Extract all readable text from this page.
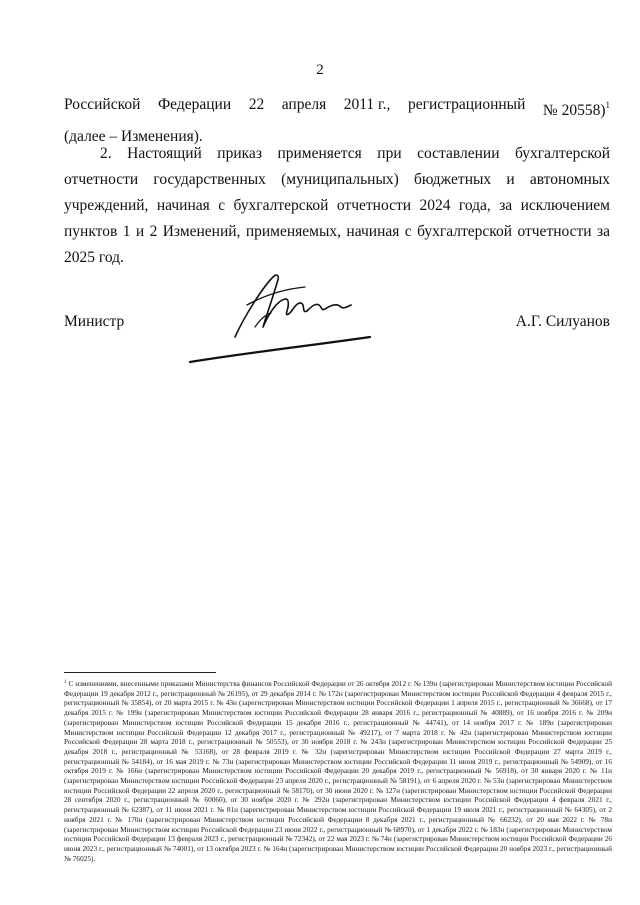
2
Российской Федерации 22 апреля 2011 г., регистрационный № 20558)$^1$
(далее – Изменения).
2. Настоящий приказ применяется при составлении бухгалтерской отчетности государственных (муниципальных) бюджетных и автономных учреждений, начиная с бухгалтерской отчетности 2024 года, за исключением пунктов 1 и 2 Изменений, применяемых, начиная с бухгалтерской отчетности за 2025 год.
Министр	А.Г. Силуанов
$^1$ С изменениями, внесенными приказами Министерства финансов Российской Федерации от 26 октября 2012 г. № 139н (зарегистрирован Министерством юстиции Российской Федерации 19 декабря 2012 г., регистрационный № 26195), от 29 декабря 2014 г. № 172н (зарегистрирован Министерством юстиции Российской Федерации 4 февраля 2015 г., регистрационный № 35854), от 20 марта 2015 г. № 43н (зарегистрирован Министерством юстиции Российской Федерации 1 апреля 2015 г., регистрационный № 36668), от 17 декабря 2015 г. № 199н (зарегистрирован Министерством юстиции Российской Федерации 28 января 2016 г., регистрационный № 40889), от 16 ноября 2016 г. № 209н (зарегистрирован Министерством юстиции Российской Федерации 15 декабря 2016 г., регистрационный № 44741), от 14 ноября 2017 г. № 189н (зарегистрирован Министерством юстиции Российской Федерации 12 декабря 2017 г., регистрационный № 49217), от 7 марта 2018 г. № 42н (зарегистрирован Министерством юстиции Российской Федерации 28 марта 2018 г., регистрационный № 50553), от 30 ноября 2018 г. № 243н (зарегистрирован Министерством юстиции Российской Федерации 25 декабря 2018 г., регистрационный № 53168), от 28 февраля 2019 г. № 32н (зарегистрирован Министерством юстиции Российской Федерации 27 марта 2019 г., регистрационный № 54184), от 16 мая 2019 г. № 73н (зарегистрирован Министерством юстиции Российской Федерации 11 июня 2019 г., регистрационный № 54909), от 16 октября 2019 г. № 166н (зарегистрирован Министерством юстиции Российской Федерации 20 декабря 2019 г., регистрационный № 56918), от 30 января 2020 г. № 11н (зарегистрирован Министерством юстиции Российской Федерации 23 апреля 2020 г., регистрационный № 58191), от 6 апреля 2020 г. № 53н (зарегистрирован Министерством юстиции Российской Федерации 22 апреля 2020 г., регистрационный № 58170), от 30 июня 2020 г. № 127н (зарегистрирован Министерством юстиции Российской Федерации 28 сентября 2020 г., регистрационный № 60060), от 30 ноября 2020 г. № 292н (зарегистрирован Министерством юстиции Российской Федерации 4 февраля 2021 г., регистрационный № 62387), от 11 июня 2021 г. № 81н (зарегистрирован Министерством юстиции Российской Федерации 19 июля 2021 г., регистрационный № 64305), от 2 ноября 2021 г. № 170н (зарегистрирован Министерством юстиции Российской Федерации 8 декабря 2021 г., регистрационный № 66232), от 20 мая 2022 г. № 78н (зарегистрирован Министерством юстиции Российской Федерации 23 июня 2022 г., регистрационный № 68970), от 1 декабря 2022 г. № 183н (зарегистрирован Министерством юстиции Российской Федерации 13 февраля 2023 г., регистрационный № 72342), от 22 мая 2023 г. № 74н (зарегистрирован Министерством юстиции Российской Федерации 26 июня 2023 г., регистрационный № 74001), от 13 октября 2023 г. № 164н (зарегистрирован Министерством юстиции Российской Федерации 20 ноября 2023 г., регистрационный № 76025).
